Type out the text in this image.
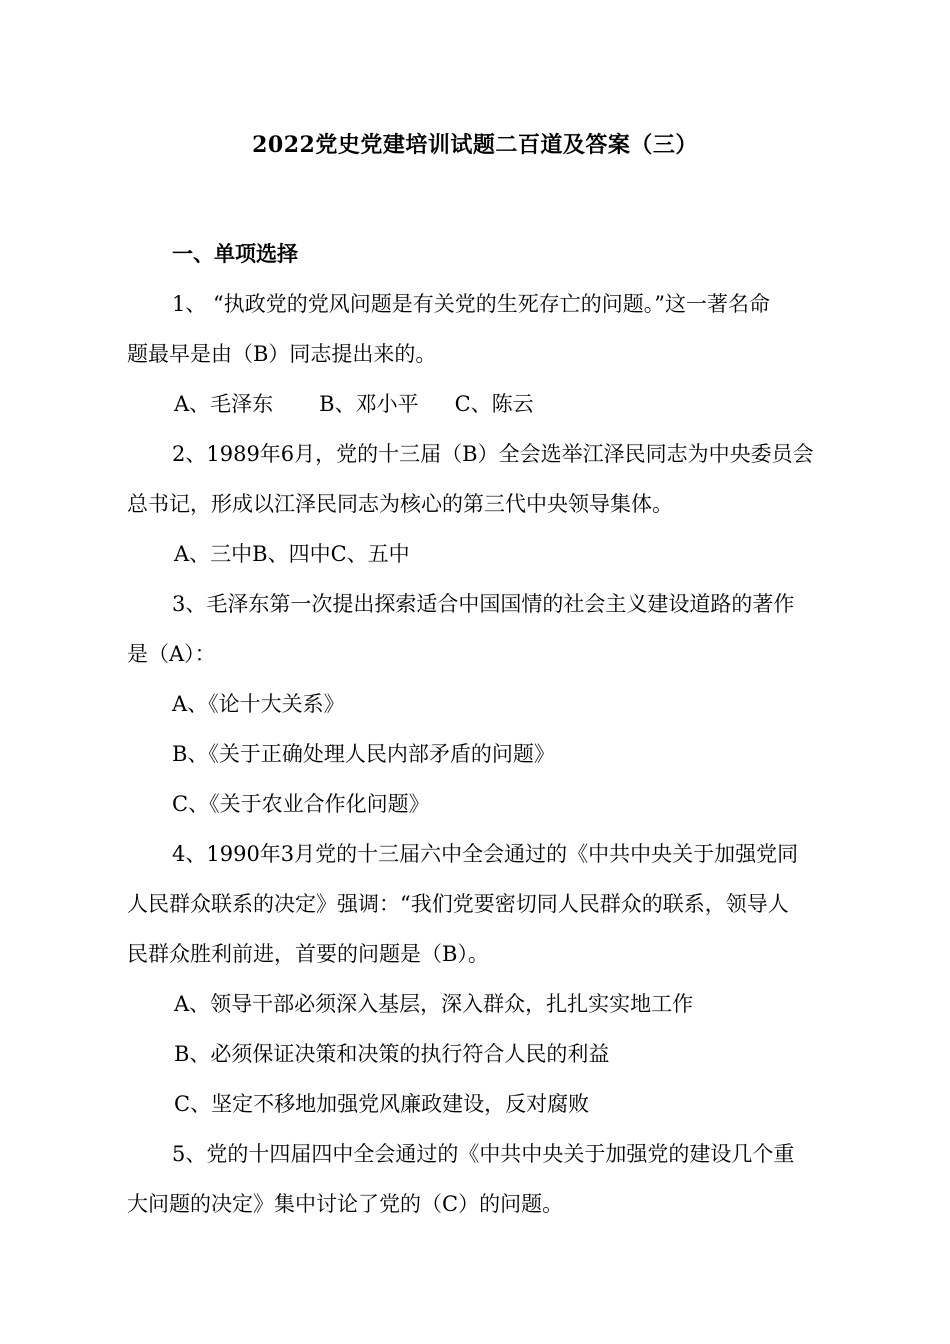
2022党史党建培训试题二百道及答案（三）
一、单项选择
1、 “执政党的党风问题是有关党的生死存亡的问题。”这一著名命
题最早是由（B）同志提出来的。
A、毛泽东 B、邓小平 C、陈云
2、1989年6月，党的十三届（B）全会选举江泽民同志为中央委员会
总书记，形成以江泽民同志为核心的第三代中央领导集体。
A、三中B、四中C、五中
3、毛泽东第一次提出探索适合中国国情的社会主义建设道路的著作
是（A）：
A、《论十大关系》
B、《关于正确处理人民内部矛盾的问题》
C、《关于农业合作化问题》
4、1990年3月党的十三届六中全会通过的《中共中央关于加强党同
人民群众联系的决定》强调：“我们党要密切同人民群众的联系，领导人
民群众胜利前进，首要的问题是（B）。
A、领导干部必须深入基层，深入群众，扎扎实实地工作
B、必须保证决策和决策的执行符合人民的利益
C、坚定不移地加强党风廉政建设，反对腐败
5、党的十四届四中全会通过的《中共中央关于加强党的建设几个重
大问题的决定》集中讨论了党的（C）的问题。
